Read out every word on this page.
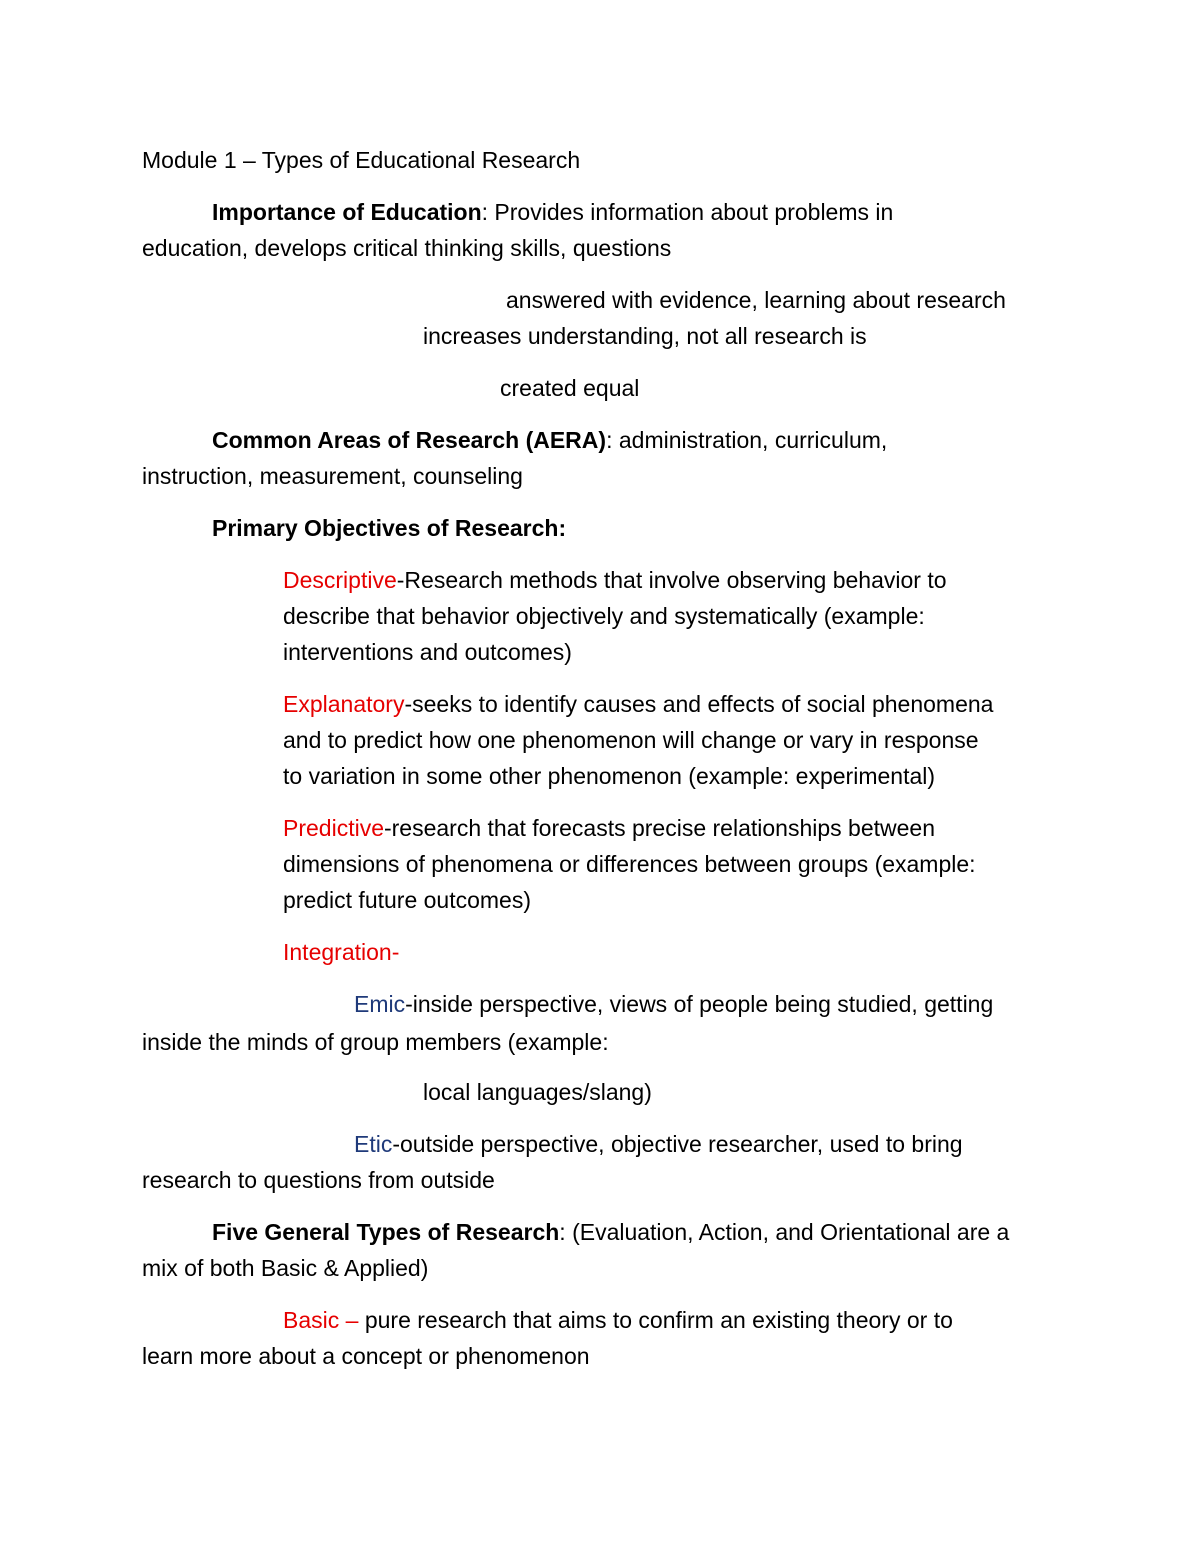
Module 1 – Types of Educational Research

Importance of Education: Provides information about problems in

education, develops critical thinking skills, questions

answered with evidence, learning about research

increases understanding, not all research is

created equal

Common Areas of Research (AERA): administration, curriculum,

instruction, measurement, counseling

Primary Objectives of Research:

Descriptive-Research methods that involve observing behavior to

describe that behavior objectively and systematically (example:

interventions and outcomes)

Explanatory-seeks to identify causes and effects of social phenomena

and to predict how one phenomenon will change or vary in response

to variation in some other phenomenon (example: experimental)

Predictive-research that forecasts precise relationships between

dimensions of phenomena or differences between groups (example:

predict future outcomes)

Integration-

Emic-inside perspective, views of people being studied, getting

inside the minds of group members (example:

local languages/slang)

Etic-outside perspective, objective researcher, used to bring

research to questions from outside

Five General Types of Research: (Evaluation, Action, and Orientational are a

mix of both Basic & Applied)

Basic – pure research that aims to confirm an existing theory or to

learn more about a concept or phenomenon
